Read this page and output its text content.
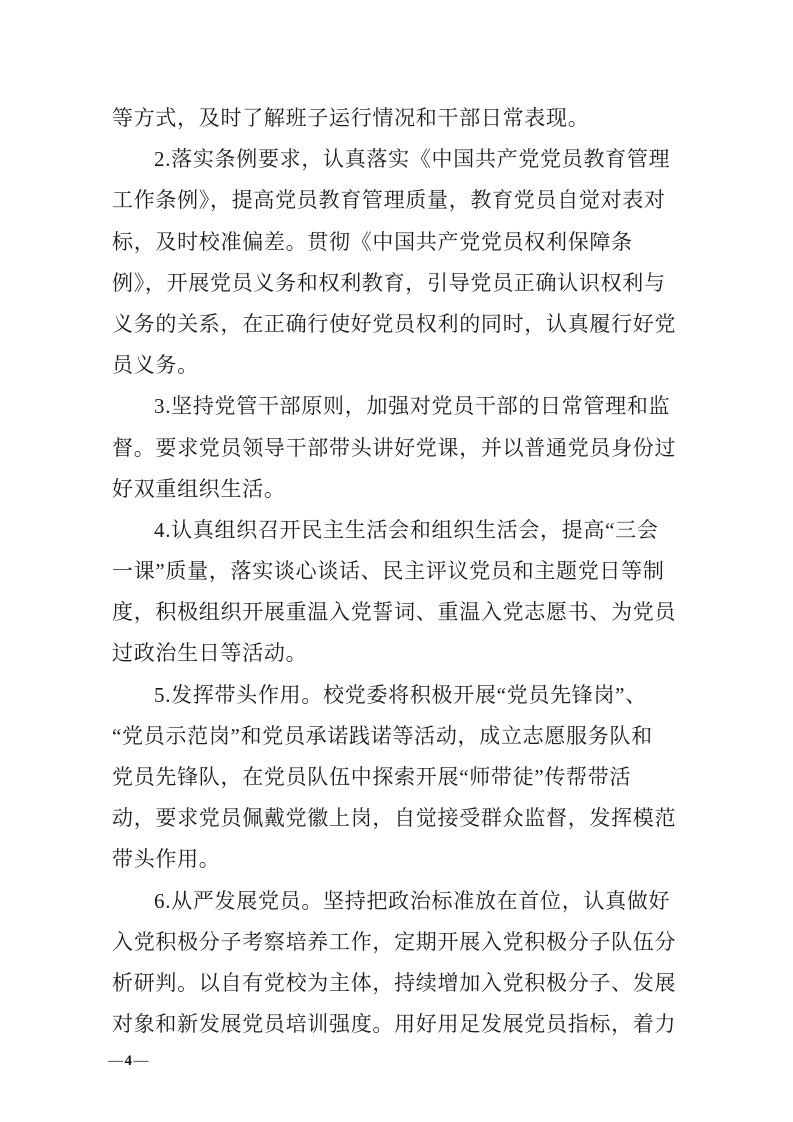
等方式，及时了解班子运行情况和干部日常表现。
2.落实条例要求，认真落实《中国共产党党员教育管理
工作条例》，提高党员教育管理质量，教育党员自觉对表对
标，及时校准偏差。贯彻《中国共产党党员权利保障条
例》，开展党员义务和权利教育，引导党员正确认识权利与
义务的关系，在正确行使好党员权利的同时，认真履行好党
员义务。
3.坚持党管干部原则，加强对党员干部的日常管理和监
督。要求党员领导干部带头讲好党课，并以普通党员身份过
好双重组织生活。
4.认真组织召开民主生活会和组织生活会，提高“三会
一课”质量，落实谈心谈话、民主评议党员和主题党日等制
度，积极组织开展重温入党誓词、重温入党志愿书、为党员
过政治生日等活动。
5.发挥带头作用。校党委将积极开展“党员先锋岗”、
“党员示范岗”和党员承诺践诺等活动，成立志愿服务队和
党员先锋队，在党员队伍中探索开展“师带徒”传帮带活
动，要求党员佩戴党徽上岗，自觉接受群众监督，发挥模范
带头作用。
6.从严发展党员。坚持把政治标准放在首位，认真做好
入党积极分子考察培养工作，定期开展入党积极分子队伍分
析研判。以自有党校为主体，持续增加入党积极分子、发展
对象和新发展党员培训强度。用好用足发展党员指标，着力
—4—
